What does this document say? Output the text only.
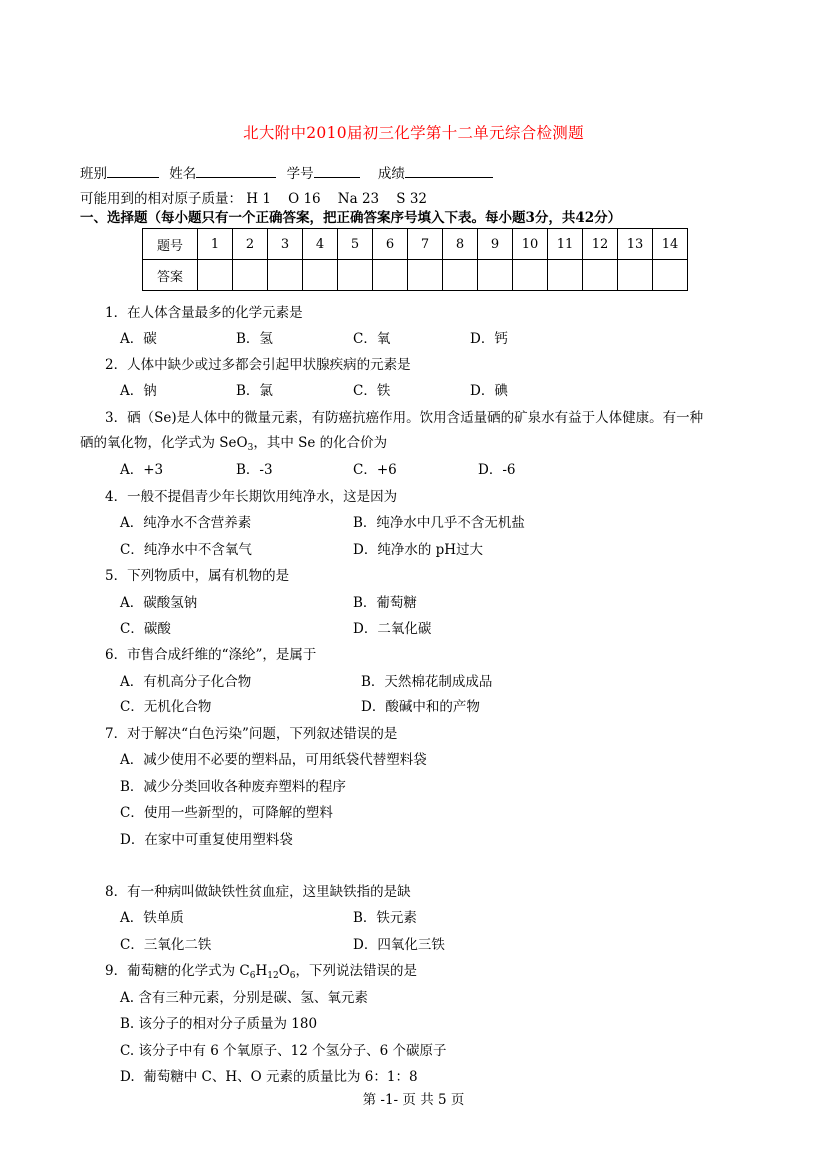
北大附中2010届初三化学第十二单元综合检测题
班别	姓名	学号	成绩
可能用到的相对原子质量： H 1    O 16    Na 23    S 32
一、选择题（每小题只有一个正确答案，把正确答案序号填入下表。每小题3分，共42分）
题号	1	2	3	4	5	6	7	8	9	10	11	12	13	14
答案														
1．在人体含量最多的化学元素是
A．碳	B．氢	C．氧	D．钙
2．人体中缺少或过多都会引起甲状腺疾病的元素是
A．钠	B．氯	C．铁	D．碘
3．硒（Se)是人体中的微量元素，有防癌抗癌作用。饮用含适量硒的矿泉水有益于人体健康。有一种
硒的氧化物，化学式为 SeO$_3$，其中 Se 的化合价为
A．+3	B．-3	C．+6	D．-6
4．一般不提倡青少年长期饮用纯净水，这是因为
A．纯净水不含营养素	B．纯净水中几乎不含无机盐
C．纯净水中不含氧气	D．纯净水的 pH过大
5．下列物质中，属有机物的是
A．碳酸氢钠	B．葡萄糖
C．碳酸	D．二氧化碳
6．市售合成纤维的“涤纶”，是属于
A．有机高分子化合物	B．天然棉花制成成品
C．无机化合物	D．酸碱中和的产物
7．对于解决“白色污染”问题，下列叙述错误的是
A．减少使用不必要的塑料品，可用纸袋代替塑料袋
B．减少分类回收各种废弃塑料的程序
C．使用一些新型的，可降解的塑料
D．在家中可重复使用塑料袋
8．有一种病叫做缺铁性贫血症，这里缺铁指的是缺
A．铁单质	B．铁元素
C．三氧化二铁	D．四氧化三铁
9．葡萄糖的化学式为 $C_6H_{12}O_6$，下列说法错误的是
A. 含有三种元素，分别是碳、氢、氧元素
B. 该分子的相对分子质量为 180
C. 该分子中有 6 个氧原子、12 个氢分子、6 个碳原子
D.  葡萄糖中 C、H、O 元素的质量比为 6：1：8
第 -1- 页 共 5 页
